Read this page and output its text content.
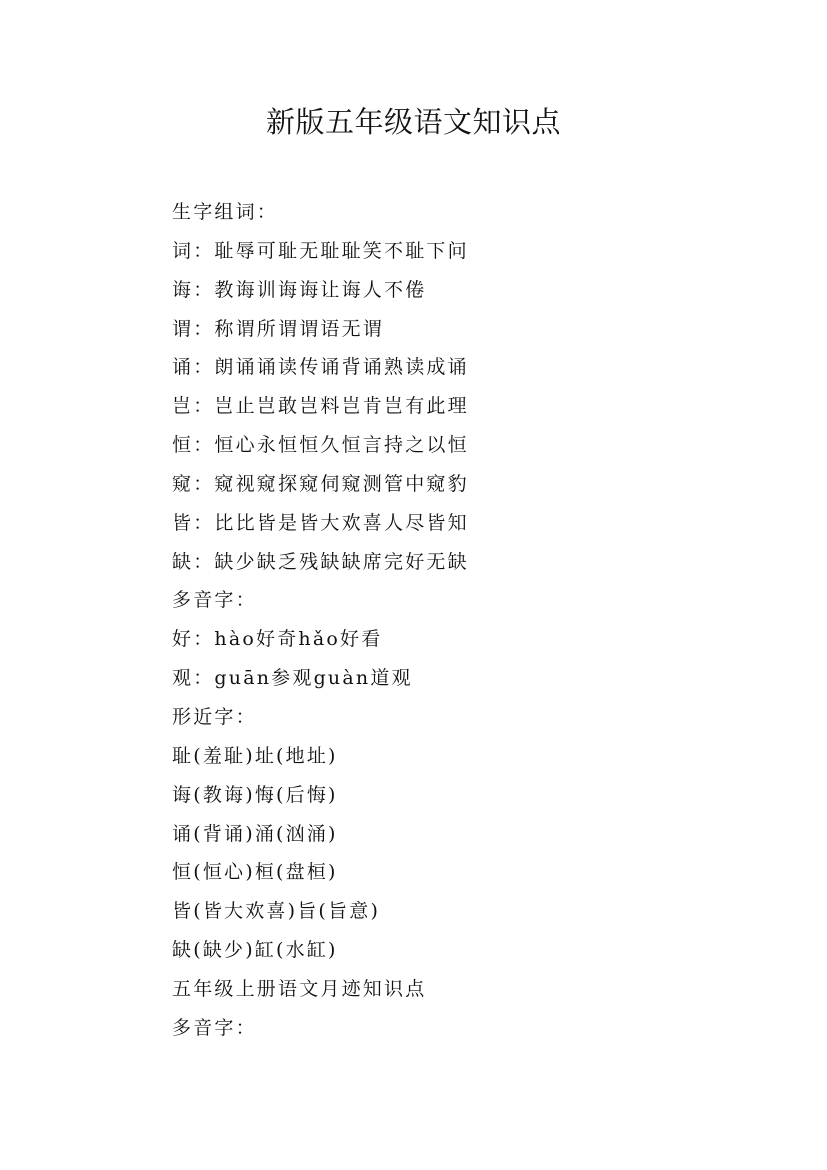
新版五年级语文知识点
生字组词：
词：耻辱可耻无耻耻笑不耻下问
诲：教诲训诲诲让诲人不倦
谓：称谓所谓谓语无谓
诵：朗诵诵读传诵背诵熟读成诵
岂：岂止岂敢岂料岂肯岂有此理
恒：恒心永恒恒久恒言持之以恒
窥：窥视窥探窥伺窥测管中窥豹
皆：比比皆是皆大欢喜人尽皆知
缺：缺少缺乏残缺缺席完好无缺
多音字：
好：hào好奇hǎo好看
观：guān参观guàn道观
形近字：
耻(羞耻)址(地址)
诲(教诲)悔(后悔)
诵(背诵)涌(汹涌)
恒(恒心)桓(盘桓)
皆(皆大欢喜)旨(旨意)
缺(缺少)缸(水缸)
五年级上册语文月迹知识点
多音字：
